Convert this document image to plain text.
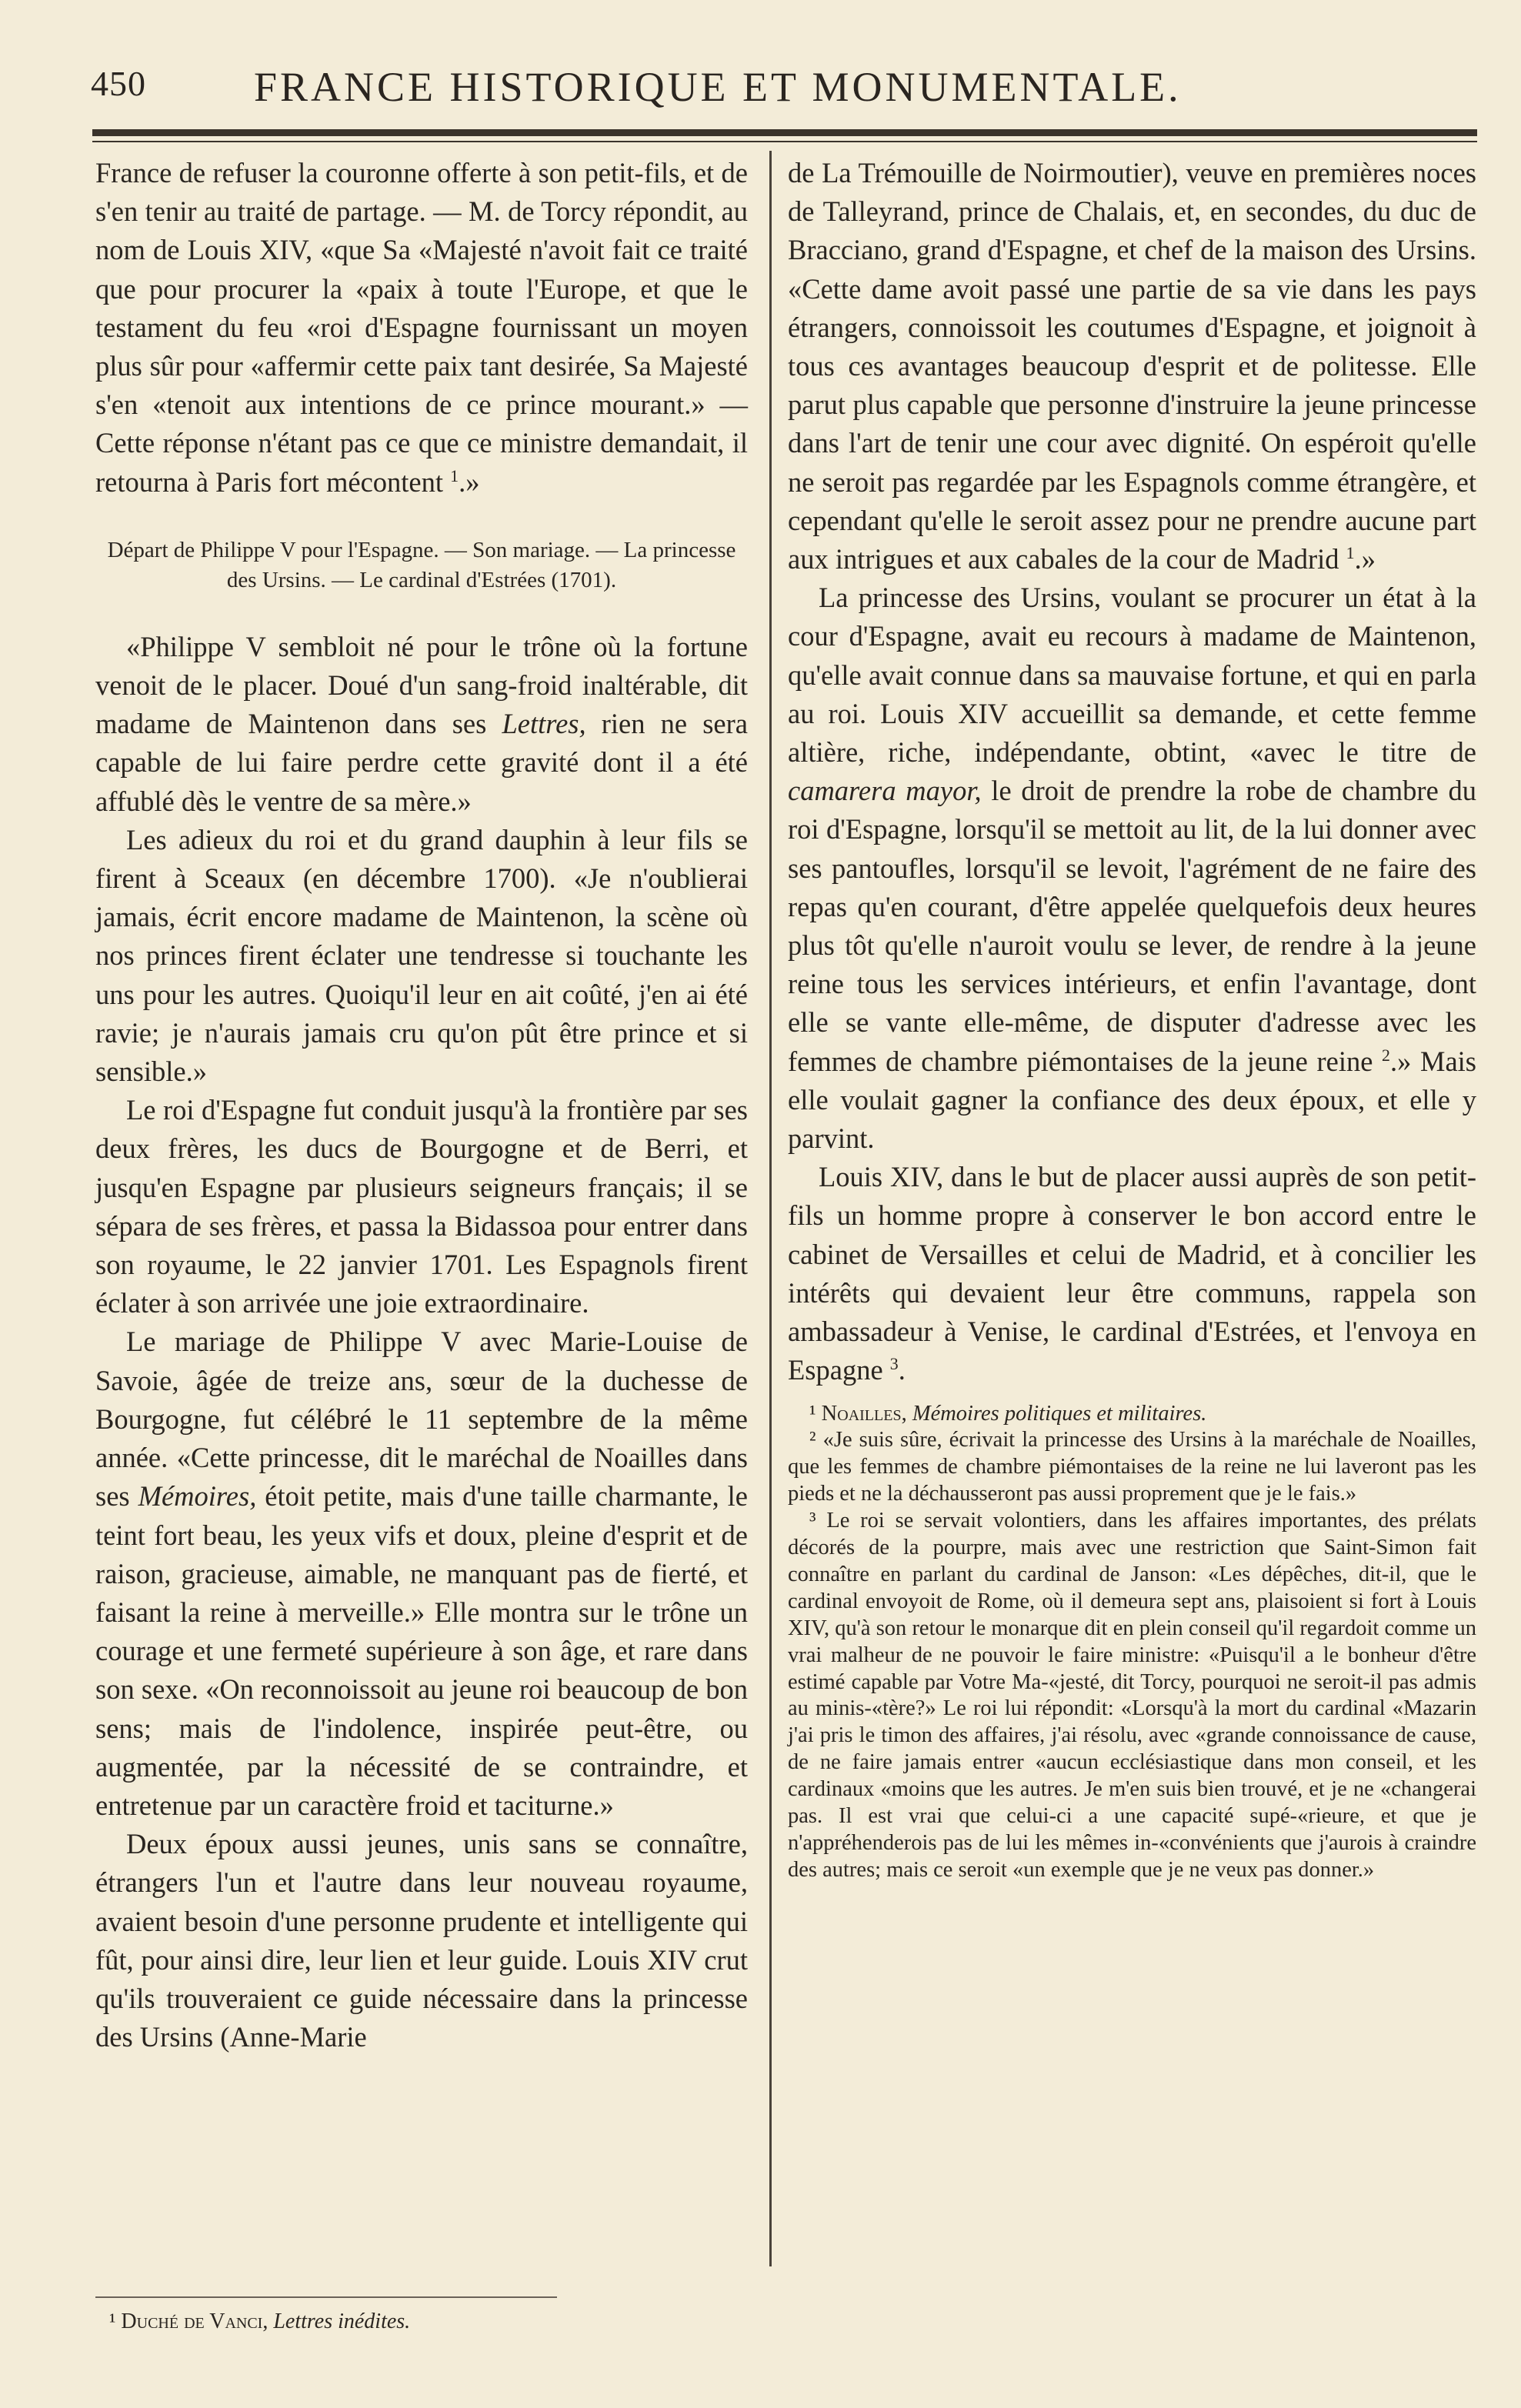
450	FRANCE HISTORIQUE ET MONUMENTALE.

France de refuser la couronne offerte à son petit-fils, et de s'en tenir au traité de partage. — M. de Torcy répondit, au nom de Louis XIV, «que Sa «Majesté n'avoit fait ce traité que pour procurer la «paix à toute l'Europe, et que le testament du feu «roi d'Espagne fournissant un moyen plus sûr pour «affermir cette paix tant desirée, Sa Majesté s'en «tenoit aux intentions de ce prince mourant.» — Cette réponse n'étant pas ce que ce ministre demandait, il retourna à Paris fort mécontent $^1$.»

Départ de Philippe V pour l'Espagne. — Son mariage. — La princesse des Ursins. — Le cardinal d'Estrées (1701).

«Philippe V sembloit né pour le trône où la fortune venoit de le placer. Doué d'un sang-froid inaltérable, dit madame de Maintenon dans ses Lettres, rien ne sera capable de lui faire perdre cette gravité dont il a été affublé dès le ventre de sa mère.»

Les adieux du roi et du grand dauphin à leur fils se firent à Sceaux (en décembre 1700). «Je n'oublierai jamais, écrit encore madame de Maintenon, la scène où nos princes firent éclater une tendresse si touchante les uns pour les autres. Quoiqu'il leur en ait coûté, j'en ai été ravie; je n'aurais jamais cru qu'on pût être prince et si sensible.»

Le roi d'Espagne fut conduit jusqu'à la frontière par ses deux frères, les ducs de Bourgogne et de Berri, et jusqu'en Espagne par plusieurs seigneurs français; il se sépara de ses frères, et passa la Bidassoa pour entrer dans son royaume, le 22 janvier 1701. Les Espagnols firent éclater à son arrivée une joie extraordinaire.

Le mariage de Philippe V avec Marie-Louise de Savoie, âgée de treize ans, sœur de la duchesse de Bourgogne, fut célébré le 11 septembre de la même année. «Cette princesse, dit le maréchal de Noailles dans ses Mémoires, étoit petite, mais d'une taille charmante, le teint fort beau, les yeux vifs et doux, pleine d'esprit et de raison, gracieuse, aimable, ne manquant pas de fierté, et faisant la reine à merveille.» Elle montra sur le trône un courage et une fermeté supérieure à son âge, et rare dans son sexe. «On reconnoissoit au jeune roi beaucoup de bon sens; mais de l'indolence, inspirée peut-être, ou augmentée, par la nécessité de se contraindre, et entretenue par un caractère froid et taciturne.»

Deux époux aussi jeunes, unis sans se connaître, étrangers l'un et l'autre dans leur nouveau royaume, avaient besoin d'une personne prudente et intelligente qui fût, pour ainsi dire, leur lien et leur guide. Louis XIV crut qu'ils trouveraient ce guide nécessaire dans la princesse des Ursins (Anne-Marie

¹ Duché de Vanci, Lettres inédites.

de La Trémouille de Noirmoutier), veuve en premières noces de Talleyrand, prince de Chalais, et, en secondes, du duc de Bracciano, grand d'Espagne, et chef de la maison des Ursins. «Cette dame avoit passé une partie de sa vie dans les pays étrangers, connoissoit les coutumes d'Espagne, et joignoit à tous ces avantages beaucoup d'esprit et de politesse. Elle parut plus capable que personne d'instruire la jeune princesse dans l'art de tenir une cour avec dignité. On espéroit qu'elle ne seroit pas regardée par les Espagnols comme étrangère, et cependant qu'elle le seroit assez pour ne prendre aucune part aux intrigues et aux cabales de la cour de Madrid $^1$.»

La princesse des Ursins, voulant se procurer un état à la cour d'Espagne, avait eu recours à madame de Maintenon, qu'elle avait connue dans sa mauvaise fortune, et qui en parla au roi. Louis XIV accueillit sa demande, et cette femme altière, riche, indépendante, obtint, «avec le titre de camarera mayor, le droit de prendre la robe de chambre du roi d'Espagne, lorsqu'il se mettoit au lit, de la lui donner avec ses pantoufles, lorsqu'il se levoit, l'agrément de ne faire des repas qu'en courant, d'être appelée quelquefois deux heures plus tôt qu'elle n'auroit voulu se lever, de rendre à la jeune reine tous les services intérieurs, et enfin l'avantage, dont elle se vante elle-même, de disputer d'adresse avec les femmes de chambre piémontaises de la jeune reine $^2$.» Mais elle voulait gagner la confiance des deux époux, et elle y parvint.

Louis XIV, dans le but de placer aussi auprès de son petit-fils un homme propre à conserver le bon accord entre le cabinet de Versailles et celui de Madrid, et à concilier les intérêts qui devaient leur être communs, rappela son ambassadeur à Venise, le cardinal d'Estrées, et l'envoya en Espagne $^3$.

¹ Noailles, Mémoires politiques et militaires.

² «Je suis sûre, écrivait la princesse des Ursins à la maréchale de Noailles, que les femmes de chambre piémontaises de la reine ne lui laveront pas les pieds et ne la déchausseront pas aussi proprement que je le fais.»

³ Le roi se servait volontiers, dans les affaires importantes, des prélats décorés de la pourpre, mais avec une restriction que Saint-Simon fait connaître en parlant du cardinal de Janson: «Les dépêches, dit-il, que le cardinal envoyoit de Rome, où il demeura sept ans, plaisoient si fort à Louis XIV, qu'à son retour le monarque dit en plein conseil qu'il regardoit comme un vrai malheur de ne pouvoir le faire ministre: «Puisqu'il a le bonheur d'être estimé capable par Votre Ma-«jesté, dit Torcy, pourquoi ne seroit-il pas admis au minis-«tère?» Le roi lui répondit: «Lorsqu'à la mort du cardinal «Mazarin j'ai pris le timon des affaires, j'ai résolu, avec «grande connoissance de cause, de ne faire jamais entrer «aucun ecclésiastique dans mon conseil, et les cardinaux «moins que les autres. Je m'en suis bien trouvé, et je ne «changerai pas. Il est vrai que celui-ci a une capacité supé-«rieure, et que je n'appréhenderois pas de lui les mêmes in-«convénients que j'aurois à craindre des autres; mais ce seroit «un exemple que je ne veux pas donner.»
